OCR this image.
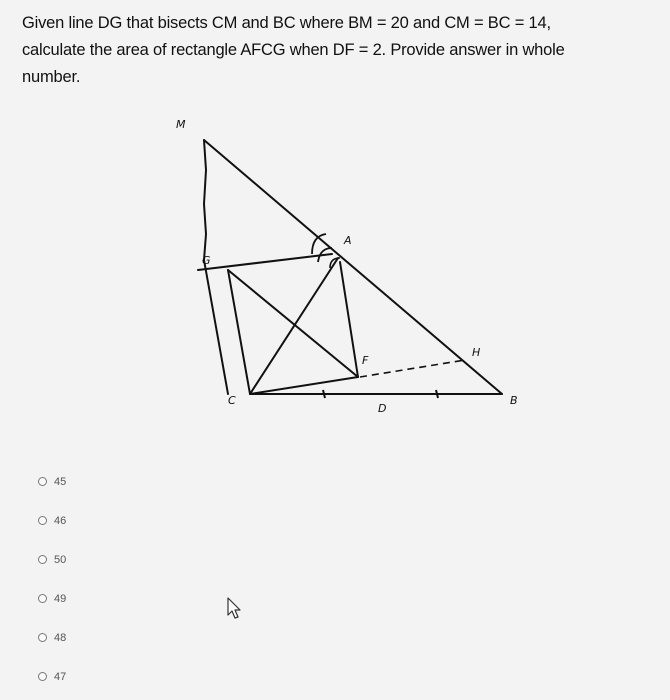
Given line DG that bisects CM and BC where BM = 20 and CM = BC = 14,
calculate the area of rectangle AFCG when DF = 2. Provide answer in whole
number.
M
A
G
H
F
C
D
B
45
46
50
49
48
47
